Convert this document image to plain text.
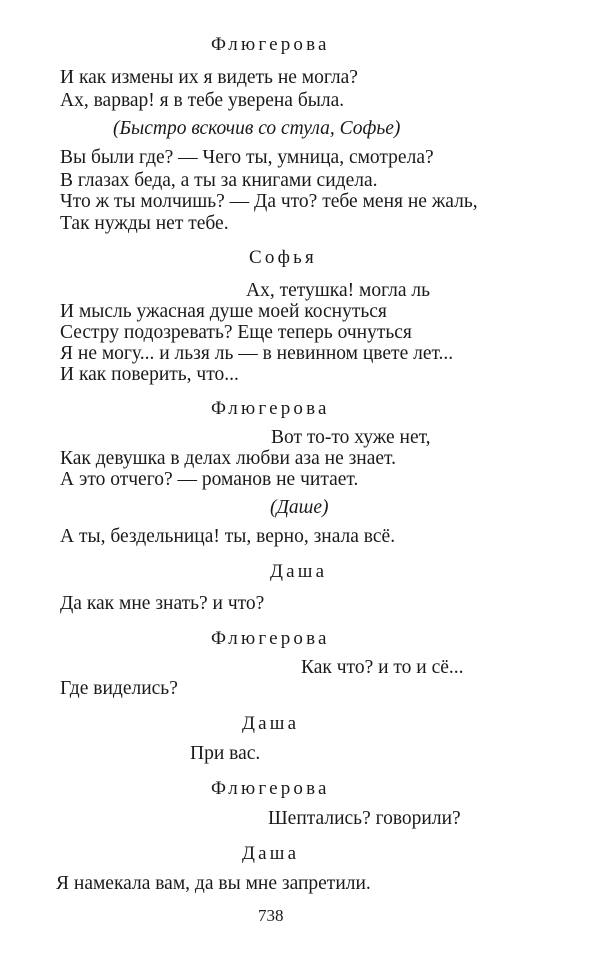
Флюгерова
И как измены их я видеть не могла?
Ах, варвар! я в тебе уверена была.
(Быстро вскочив со стула, Софье)
Вы были где? — Чего ты, умница, смотрела?
В глазах беда, а ты за книгами сидела.
Что ж ты молчишь? — Да что? тебе меня не жаль,
Так нужды нет тебе.
Софья
Ах, тетушка! могла ль
И мысль ужасная душе моей коснуться
Сестру подозревать? Еще теперь очнуться
Я не могу... и льзя ль — в невинном цвете лет...
И как поверить, что...
Флюгерова
Вот то-то хуже нет,
Как девушка в делах любви аза не знает.
А это отчего? — романов не читает.
(Даше)
А ты, бездельница! ты, верно, знала всё.
Даша
Да как мне знать? и что?
Флюгерова
Как что? и то и сё...
Где виделись?
Даша
При вас.
Флюгерова
Шептались? говорили?
Даша
Я намекала вам, да вы мне запретили.
738
